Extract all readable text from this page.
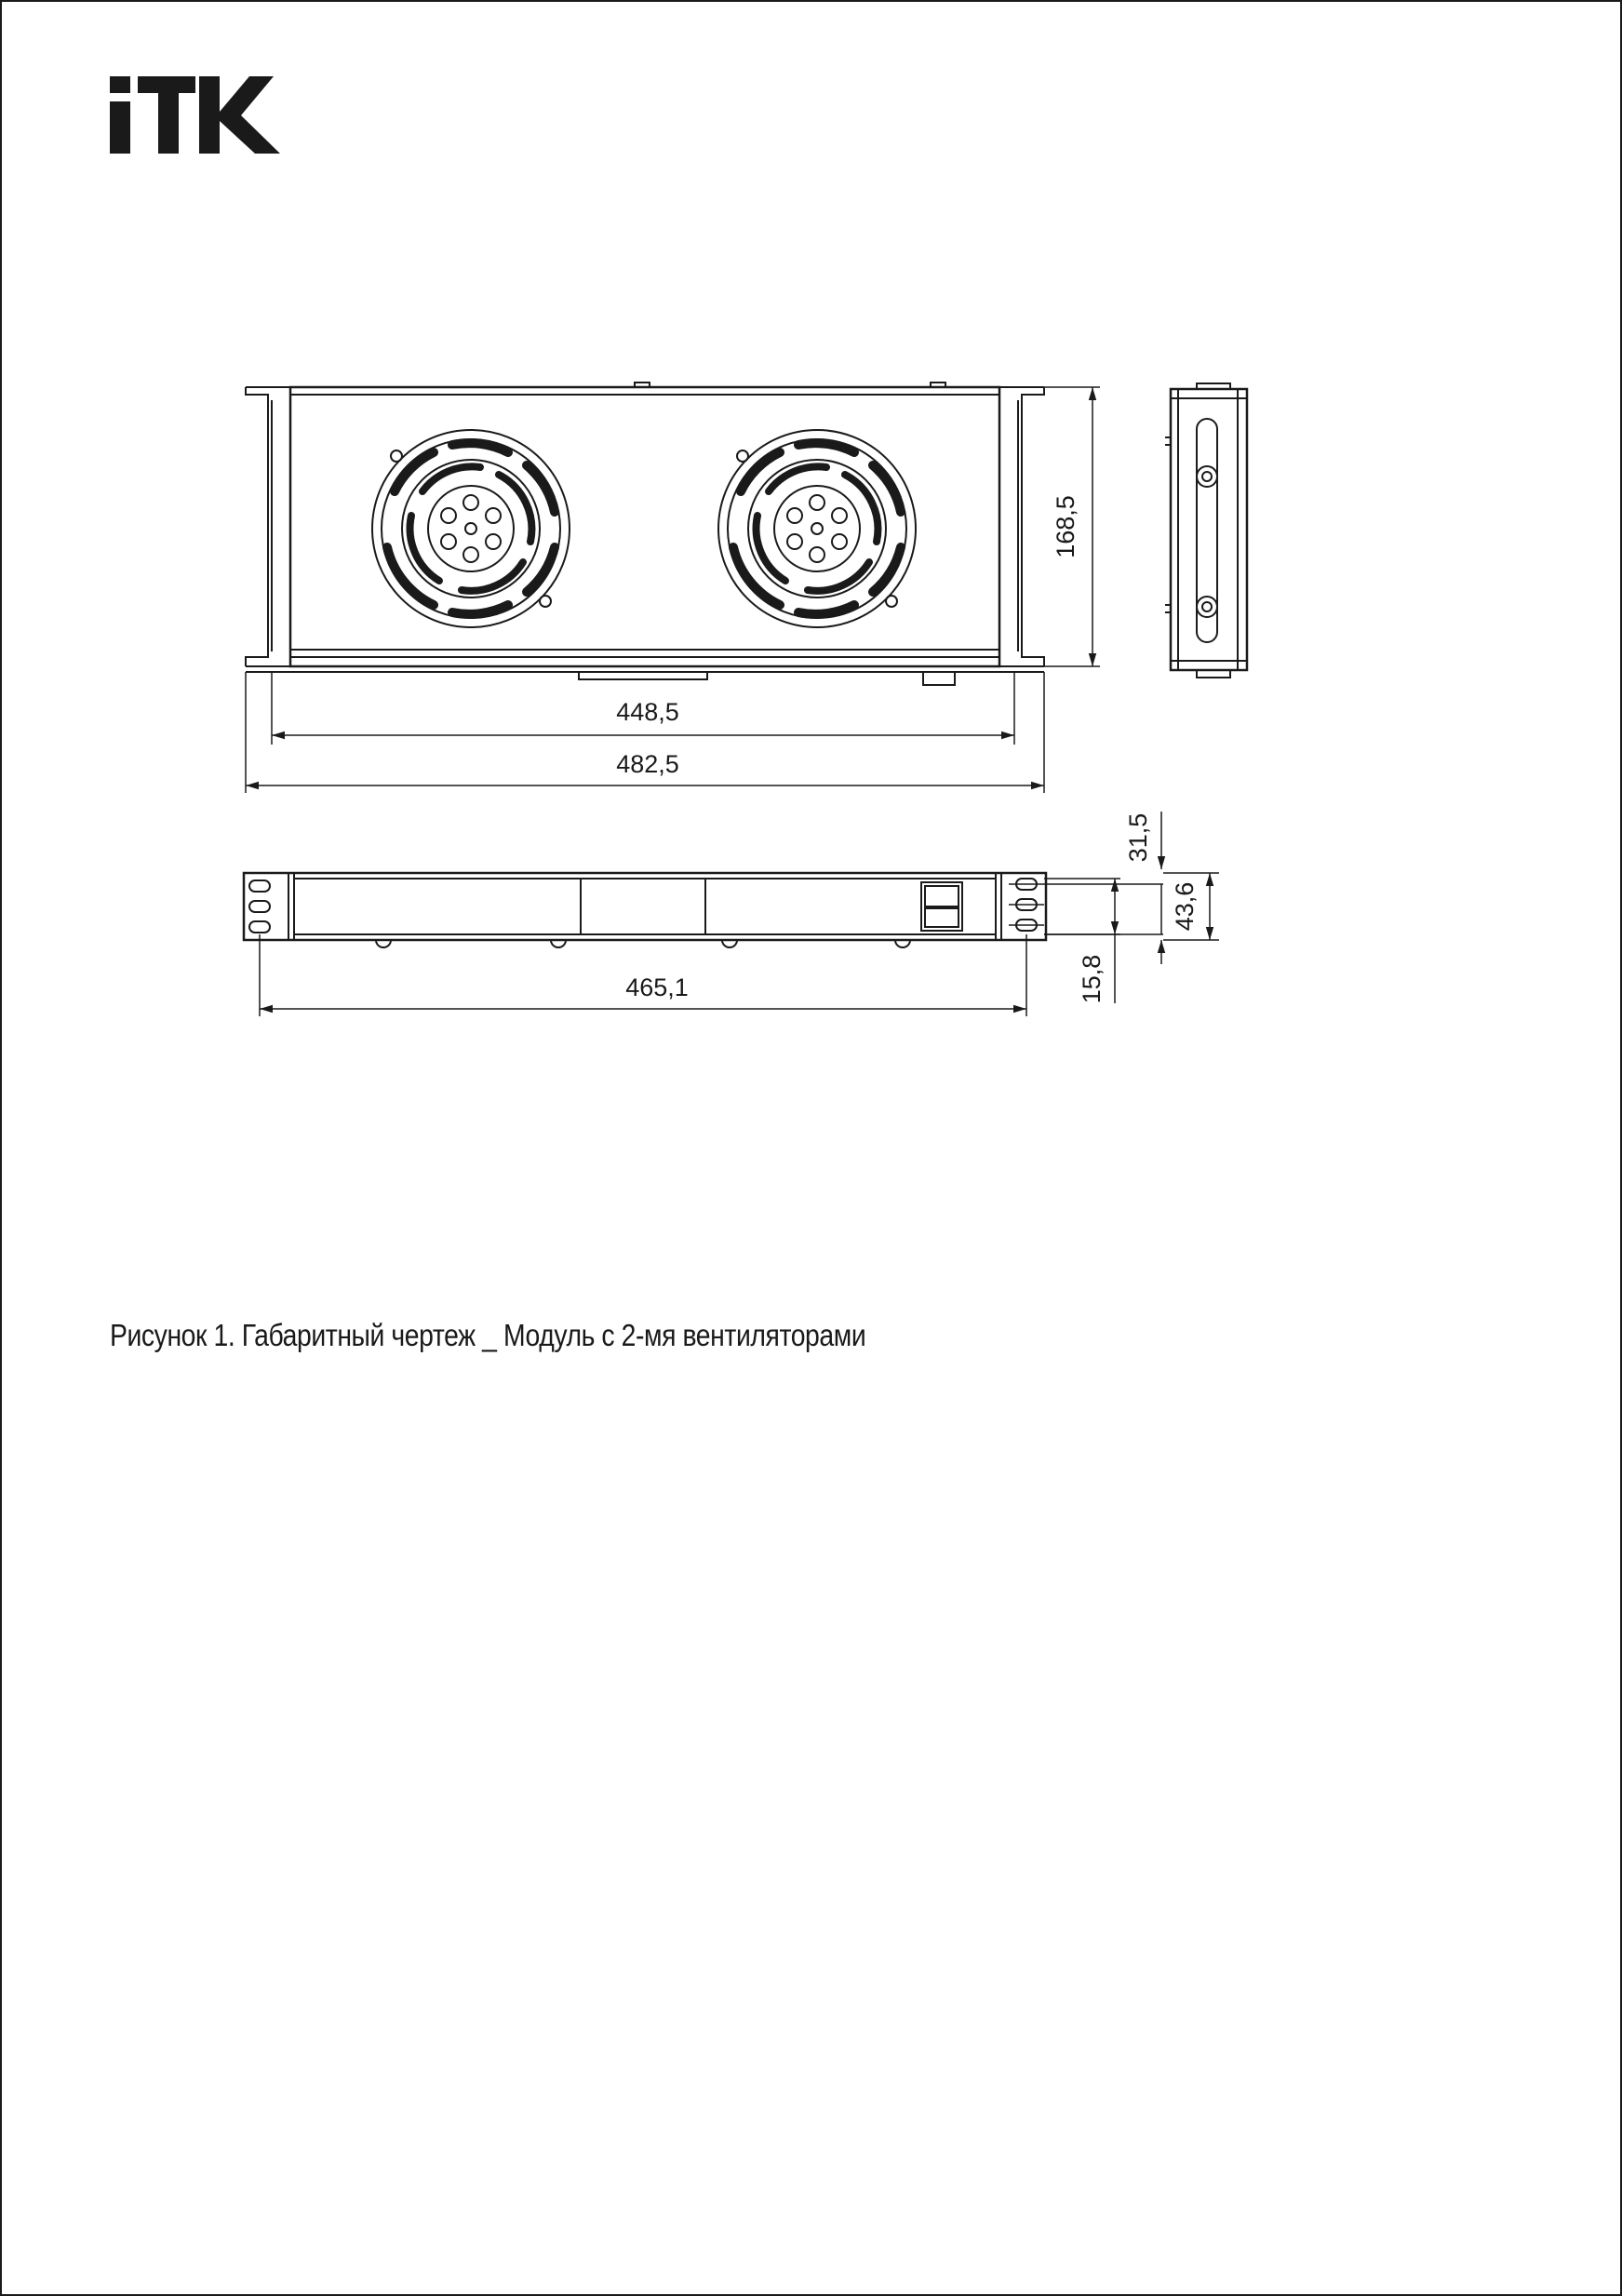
448,5
482,5
168,5
465,1
31,5
43,6
15,8
Рисунок 1. Габаритный чертеж _ Модуль с 2-мя вентиляторами
